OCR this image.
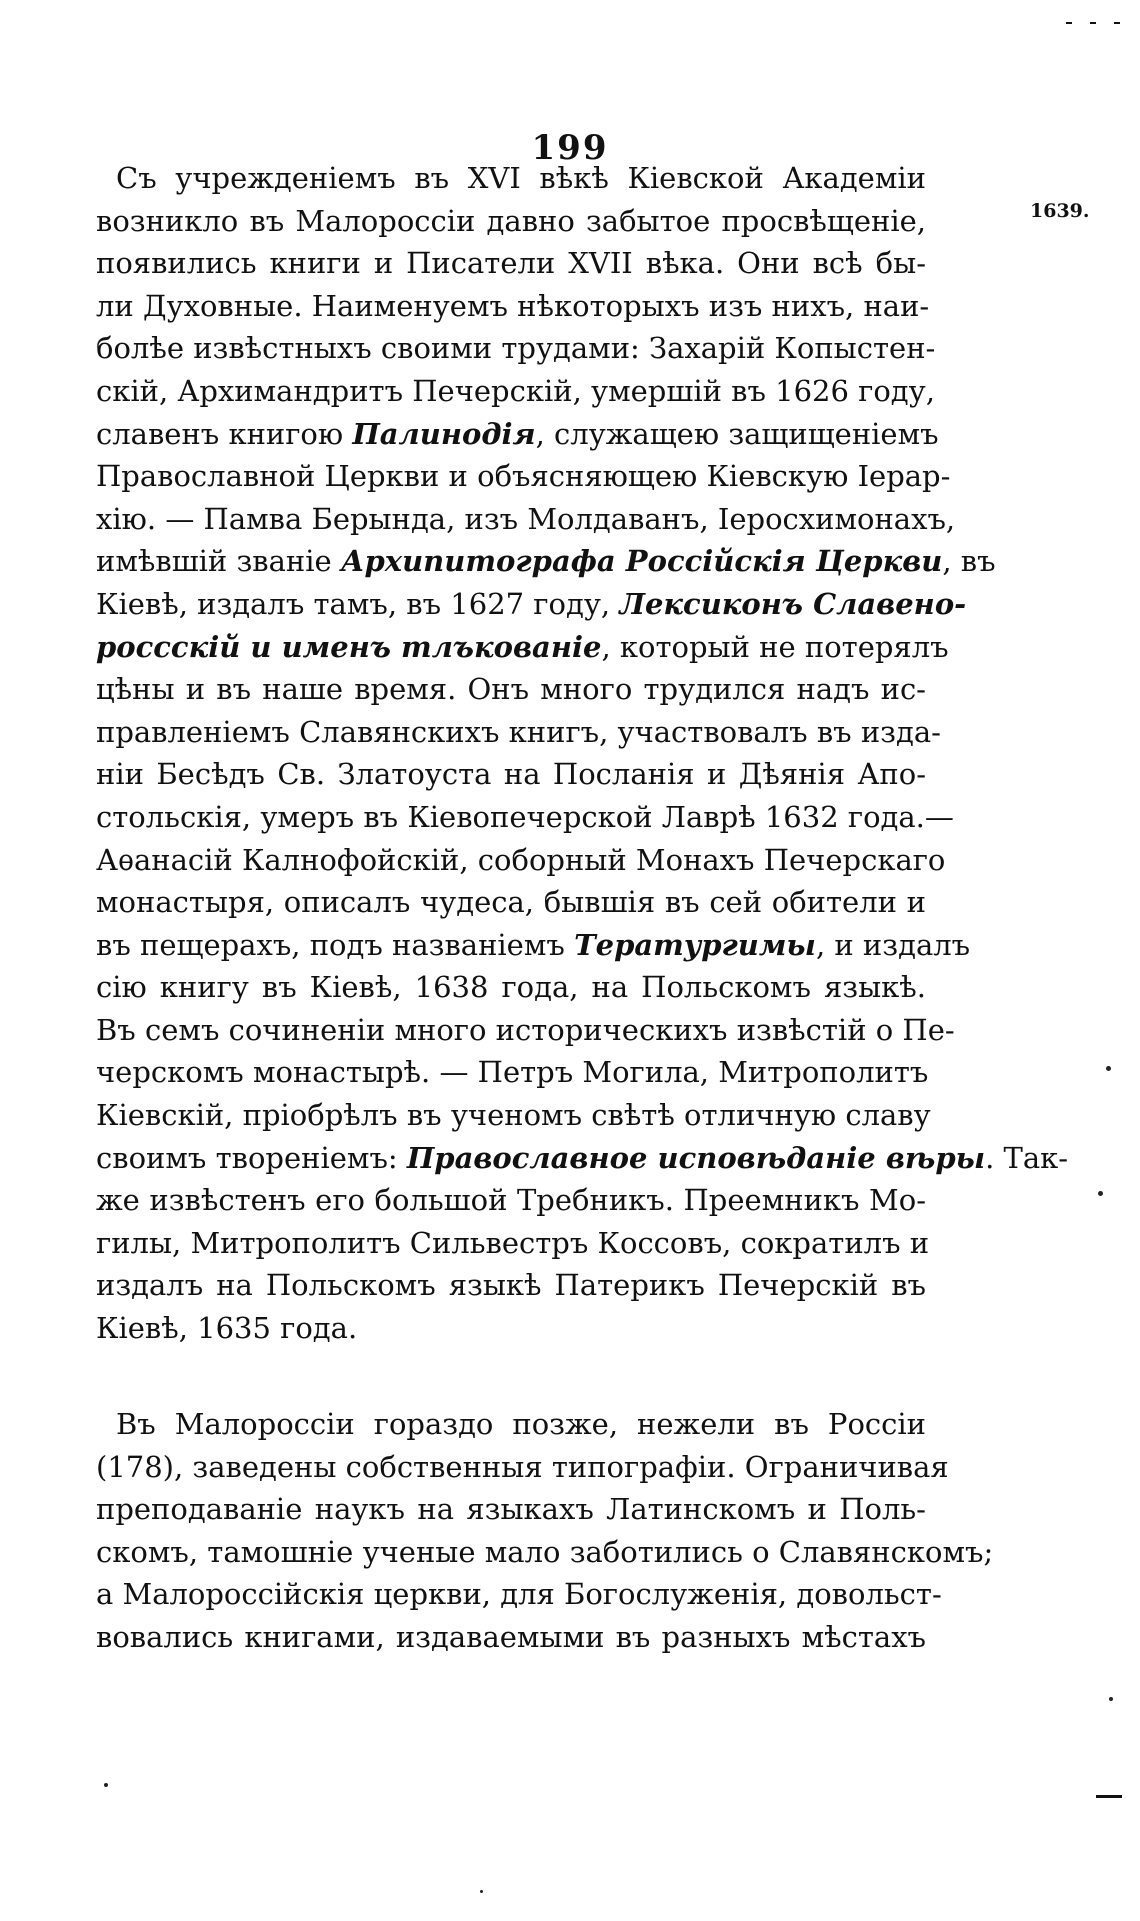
199
1639.
Съ учрежденіемъ въ XVI вѣкѣ Кіевской Академіи
возникло въ Малороссіи давно забытое просвѣщеніе,
появились книги и Писатели XVII вѣка. Они всѣ бы-
ли Духовные. Наименуемъ нѣкоторыхъ изъ нихъ, наи-
болѣе извѣстныхъ своими трудами: Захарій Копыстен-
скій, Архимандритъ Печерскій, умершій въ 1626 году,
славенъ книгою Палинодія, служащею защищеніемъ
Православной Церкви и объясняющею Кіевскую Іерар-
хію. — Памва Берында, изъ Молдаванъ, Іеросхимонахъ,
имѣвшій званіе Архипитографа Россійскія Церкви, въ
Кіевѣ, издалъ тамъ, въ 1627 году, Лексиконъ Славено-
россскій и именъ тлъкованіе, который не потерялъ
цѣны и въ наше время. Онъ много трудился надъ ис-
правленіемъ Славянскихъ книгъ, участвовалъ въ изда-
ніи Бесѣдъ Св. Златоуста на Посланія и Дѣянія Апо-
стольскія, умеръ въ Кіевопечерской Лаврѣ 1632 года.—
Аѳанасій Калнофойскій, соборный Монахъ Печерскаго
монастыря, описалъ чудеса, бывшія въ сей обители и
въ пещерахъ, подъ названіемъ Тератургимы, и издалъ
сію книгу въ Кіевѣ, 1638 года, на Польскомъ языкѣ.
Въ семъ сочиненіи много историческихъ извѣстій о Пе-
черскомъ монастырѣ. — Петръ Могила, Митрополитъ
Кіевскій, пріобрѣлъ въ ученомъ свѣтѣ отличную славу
своимъ твореніемъ: Православное исповѣданіе вѣры. Так-
же извѣстенъ его большой Требникъ. Преемникъ Мо-
гилы, Митрополитъ Сильвестръ Коссовъ, сократилъ и
издалъ на Польскомъ языкѣ Патерикъ Печерскій въ
Кіевѣ, 1635 года.
Въ Малороссіи гораздо позже, нежели въ Россіи
(178), заведены собственныя типографіи. Ограничивая
преподаваніе наукъ на языкахъ Латинскомъ и Поль-
скомъ, тамошніе ученые мало заботились о Славянскомъ;
а Малороссійскія церкви, для Богослуженія, довольст-
вовались книгами, издаваемыми въ разныхъ мѣстахъ
